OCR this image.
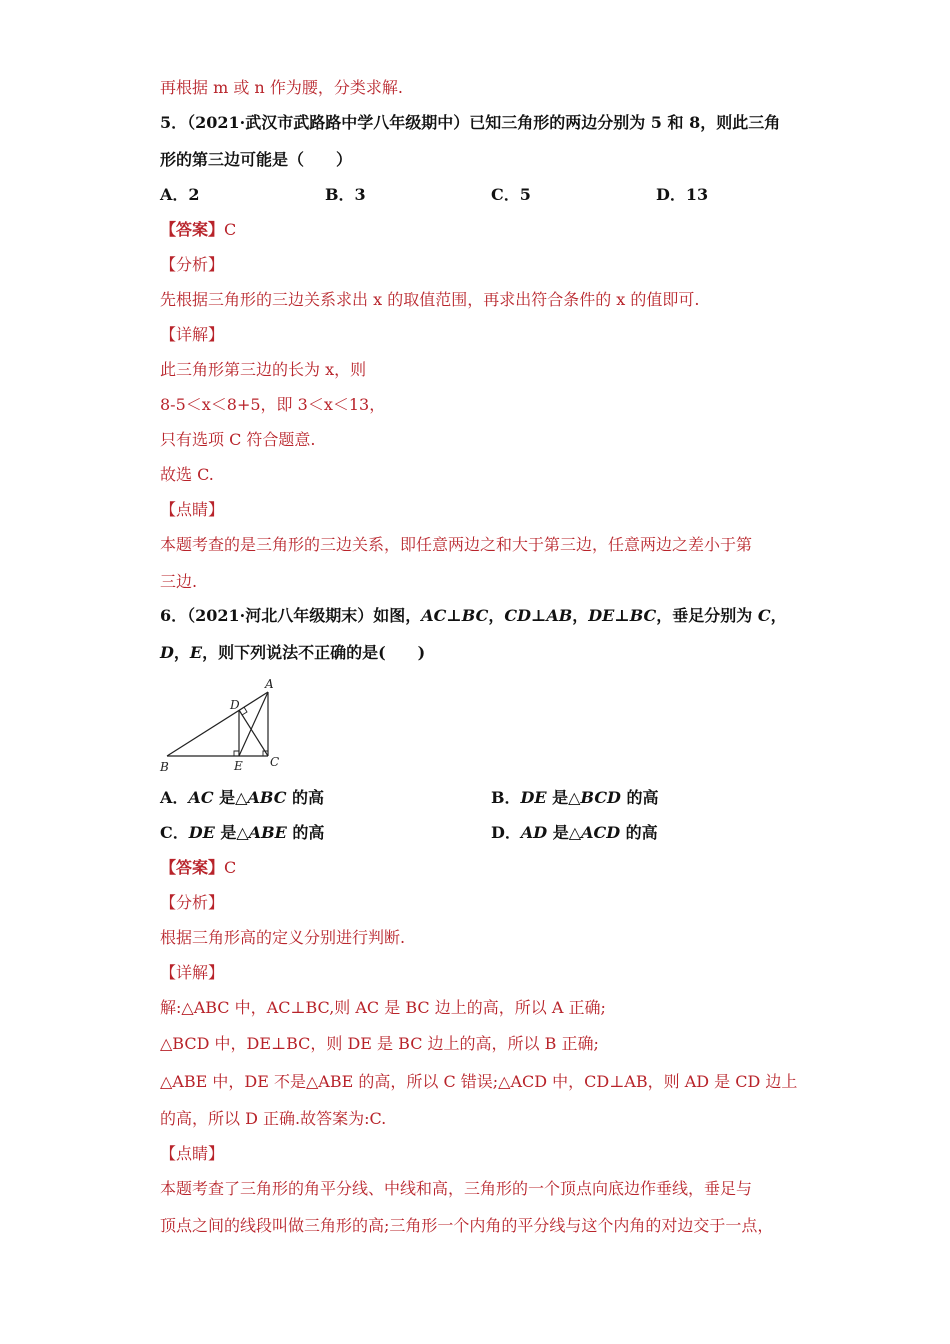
再根据 m 或 n 作为腰，分类求解.
5．（2021·武汉市武路路中学八年级期中）已知三角形的两边分别为 5 和 8，则此三角
形的第三边可能是（　　）
A．2	B．3	C．5	D．13
【答案】C
【分析】
先根据三角形的三边关系求出 x 的取值范围，再求出符合条件的 x 的值即可.
【详解】
此三角形第三边的长为 x，则
8-5＜x＜8+5，即 3＜x＜13，
只有选项 C 符合题意.
故选 C.
【点睛】
本题考查的是三角形的三边关系，即任意两边之和大于第三边，任意两边之差小于第
三边.
6．（2021·河北八年级期末）如图，AC⊥BC，CD⊥AB，DE⊥BC，垂足分别为 C，
D，E，则下列说法不正确的是(　　)
A
B	C
D
E
A．AC 是△ABC 的高	B．DE 是△BCD 的高
C．DE 是△ABE 的高	D．AD 是△ACD 的高
【答案】C
【分析】
根据三角形高的定义分别进行判断.
【详解】
解:△ABC 中，AC⊥BC,则 AC 是 BC 边上的高，所以 A 正确;
△BCD 中，DE⊥BC，则 DE 是 BC 边上的高，所以 B 正确;
△ABE 中，DE 不是△ABE 的高，所以 C 错误;△ACD 中，CD⊥AB，则 AD 是 CD 边上
的高，所以 D 正确.故答案为:C.
【点睛】
本题考查了三角形的角平分线、中线和高，三角形的一个顶点向底边作垂线，垂足与
顶点之间的线段叫做三角形的高;三角形一个内角的平分线与这个内角的对边交于一点，
